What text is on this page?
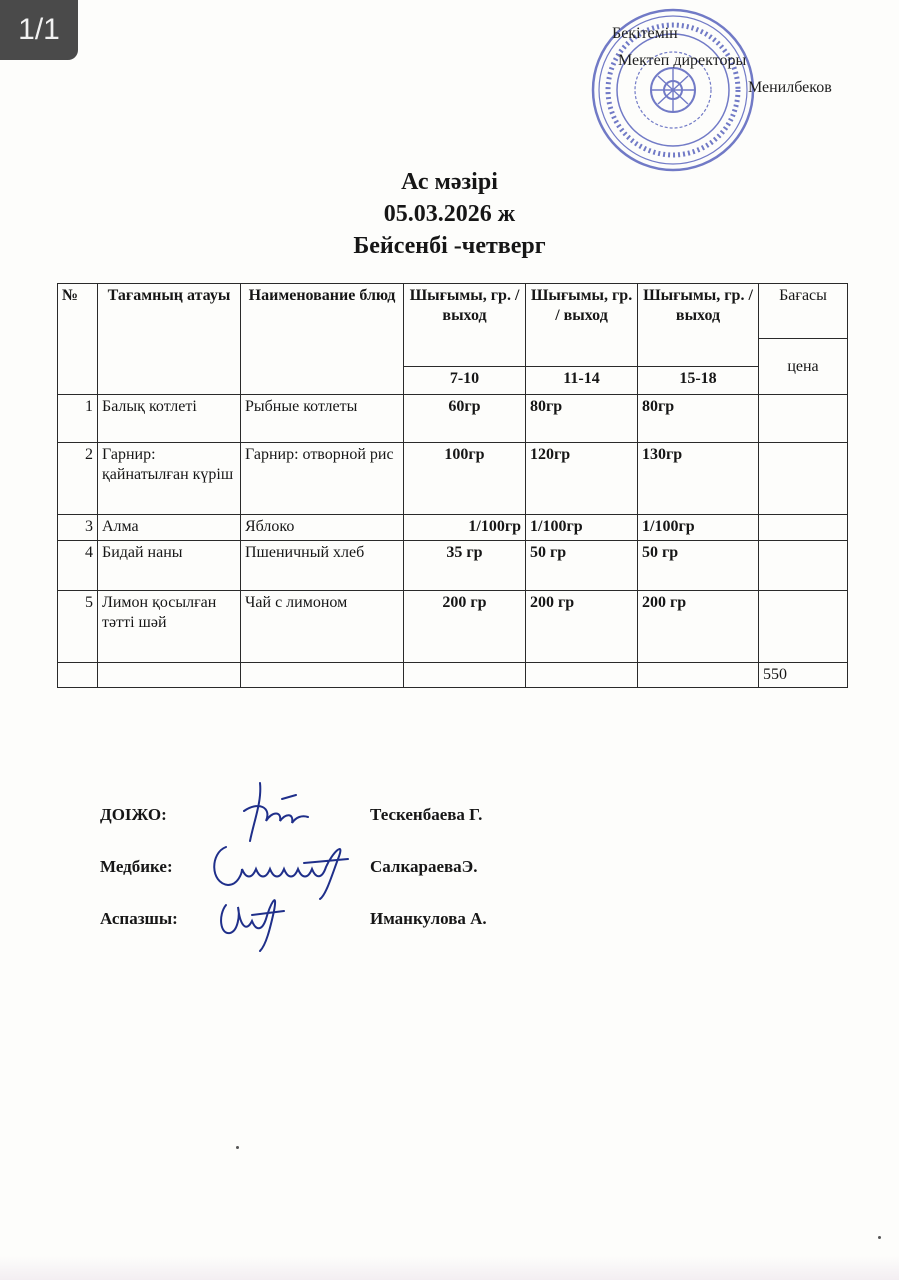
1/1	Бекітемін
Мектеп директоры
Менилбеков
Ас мәзірі
05.03.2026 ж
Бейсенбі -четверг
№	Тағамның атауы	Наименование блюд	Шығымы, гр. / выход	Шығымы, гр. / выход	Шығымы, гр. / выход	Бағасы
						цена
			7-10	11-14	15-18	
1	Балық котлеті	Рыбные котлеты	60гр	80гр	80гр	
2	Гарнир: қайнатылған күріш	Гарнир: отворной рис	100гр	120гр	130гр	
3	Алма	Яблоко	1/100гр	1/100гр	1/100гр	
4	Бидай наны	Пшеничный хлеб	35 гр	50 гр	50 гр	
5	Лимон қосылған тәтті шәй	Чай с лимоном	200 гр	200 гр	200 гр	
						550
ДОІЖО:	Тескенбаева Г.
Медбике:	СалкараеваЭ.
Аспазшы:	Иманкулова А.
